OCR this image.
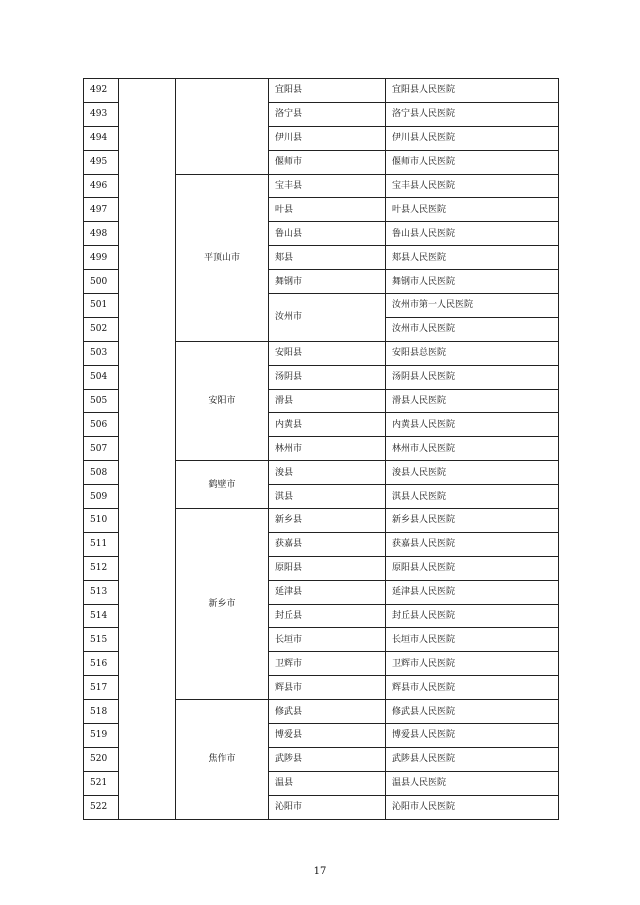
492			宜阳县	宜阳县人民医院
493			洛宁县	洛宁县人民医院
494			伊川县	伊川县人民医院
495			偃师市	偃师市人民医院
496		平顶山市	宝丰县	宝丰县人民医院
497			叶县	叶县人民医院
498			鲁山县	鲁山县人民医院
499			郏县	郏县人民医院
500			舞钢市	舞钢市人民医院
501			汝州市	汝州市第一人民医院
502				汝州市人民医院
503		安阳市	安阳县	安阳县总医院
504			汤阴县	汤阴县人民医院
505			滑县	滑县人民医院
506			内黄县	内黄县人民医院
507			林州市	林州市人民医院
508		鹤壁市	浚县	浚县人民医院
509			淇县	淇县人民医院
510		新乡市	新乡县	新乡县人民医院
511			获嘉县	获嘉县人民医院
512			原阳县	原阳县人民医院
513			延津县	延津县人民医院
514			封丘县	封丘县人民医院
515			长垣市	长垣市人民医院
516			卫辉市	卫辉市人民医院
517			辉县市	辉县市人民医院
518		焦作市	修武县	修武县人民医院
519			博爱县	博爱县人民医院
520			武陟县	武陟县人民医院
521			温县	温县人民医院
522			沁阳市	沁阳市人民医院
17
